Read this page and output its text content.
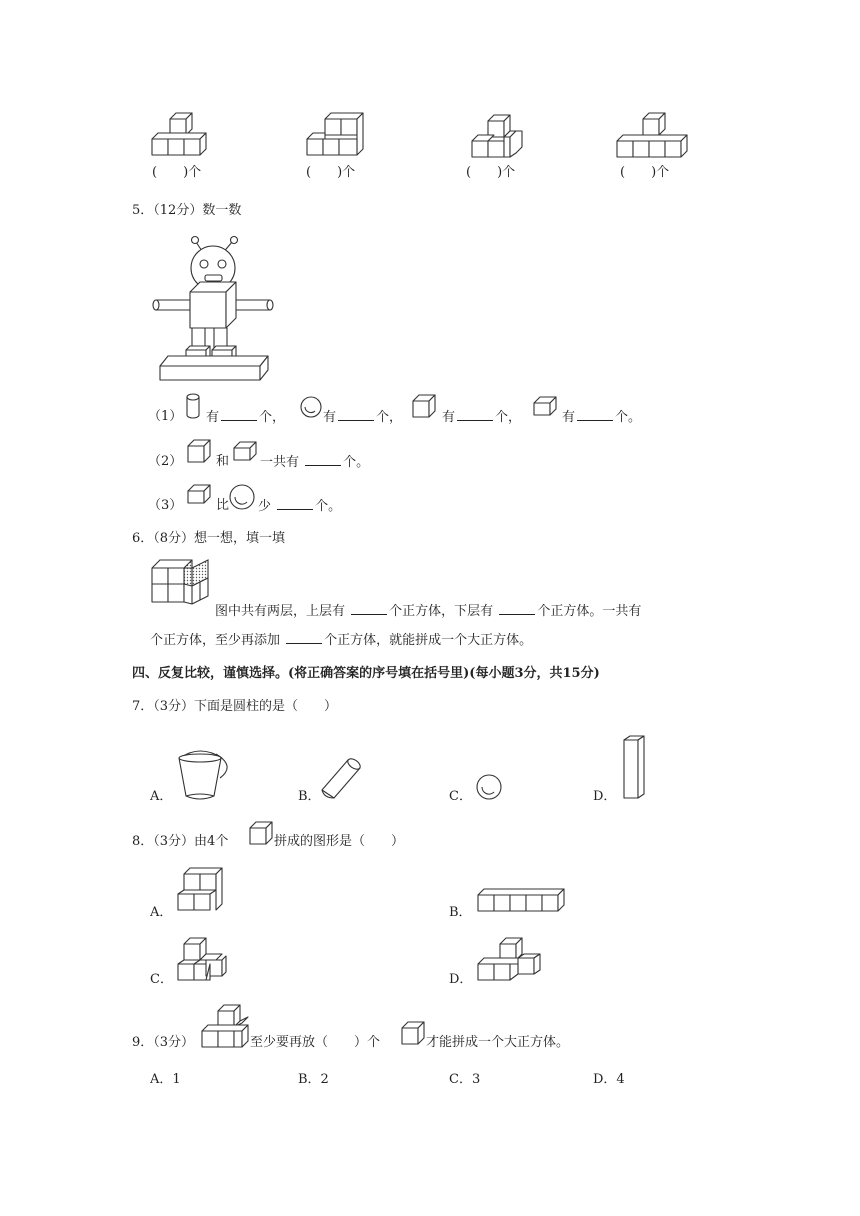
(　　)个	(　　)个	(　　)个	(　　)个
5．（12分）数一数
（1） 有	个，	有	个，	有	个，	有	个。
（2）	和 一共有	个。
（3）	比 少	个。
6．（8分）想一想，填一填
图中共有两层，上层有	个正方体，下层有	个正方体。一共有
个正方体，至少再添加	个正方体，就能拼成一个大正方体。
四、反复比较，谨慎选择。(将正确答案的序号填在括号里)(每小题3分，共15分)
7．（3分）下面是圆柱的是（　　）
A．	B．	C．	D．
8．（3分）由4个	拼成的图形是（　　）
A．	B．
C．	D．
9．（3分）	至少要再放（　　）个	才能拼成一个大正方体。
A．1	B．2	C．3	D．4
